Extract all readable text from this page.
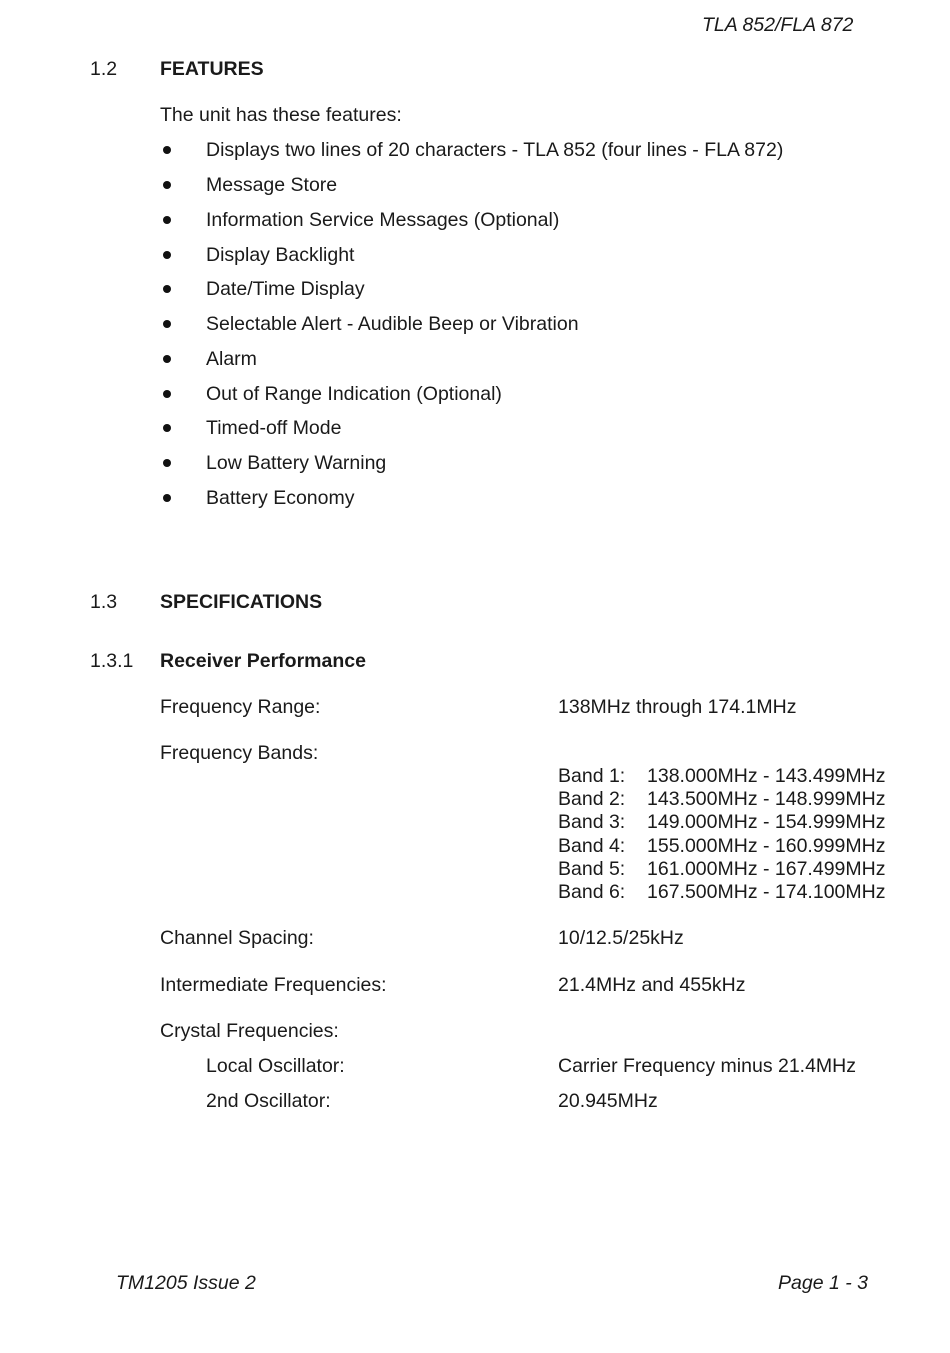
TLA 852/FLA 872
1.2 FEATURES
The unit has these features:
Displays two lines of 20 characters - TLA 852 (four lines - FLA 872)
Message Store
Information Service Messages (Optional)
Display Backlight
Date/Time Display
Selectable Alert - Audible Beep or Vibration
Alarm
Out of Range Indication (Optional)
Timed-off Mode
Low Battery Warning
Battery Economy
1.3 SPECIFICATIONS
1.3.1 Receiver Performance
Frequency Range:	138MHz through 174.1MHz
Frequency Bands:
Band 1: 138.000MHz - 143.499MHz
Band 2: 143.500MHz - 148.999MHz
Band 3: 149.000MHz - 154.999MHz
Band 4: 155.000MHz - 160.999MHz
Band 5: 161.000MHz - 167.499MHz
Band 6: 167.500MHz - 174.100MHz
Channel Spacing:	10/12.5/25kHz
Intermediate Frequencies:	21.4MHz and 455kHz
Crystal Frequencies:
Local Oscillator:	Carrier Frequency minus 21.4MHz
2nd Oscillator:	20.945MHz
TM1205 Issue 2	Page 1 - 3
